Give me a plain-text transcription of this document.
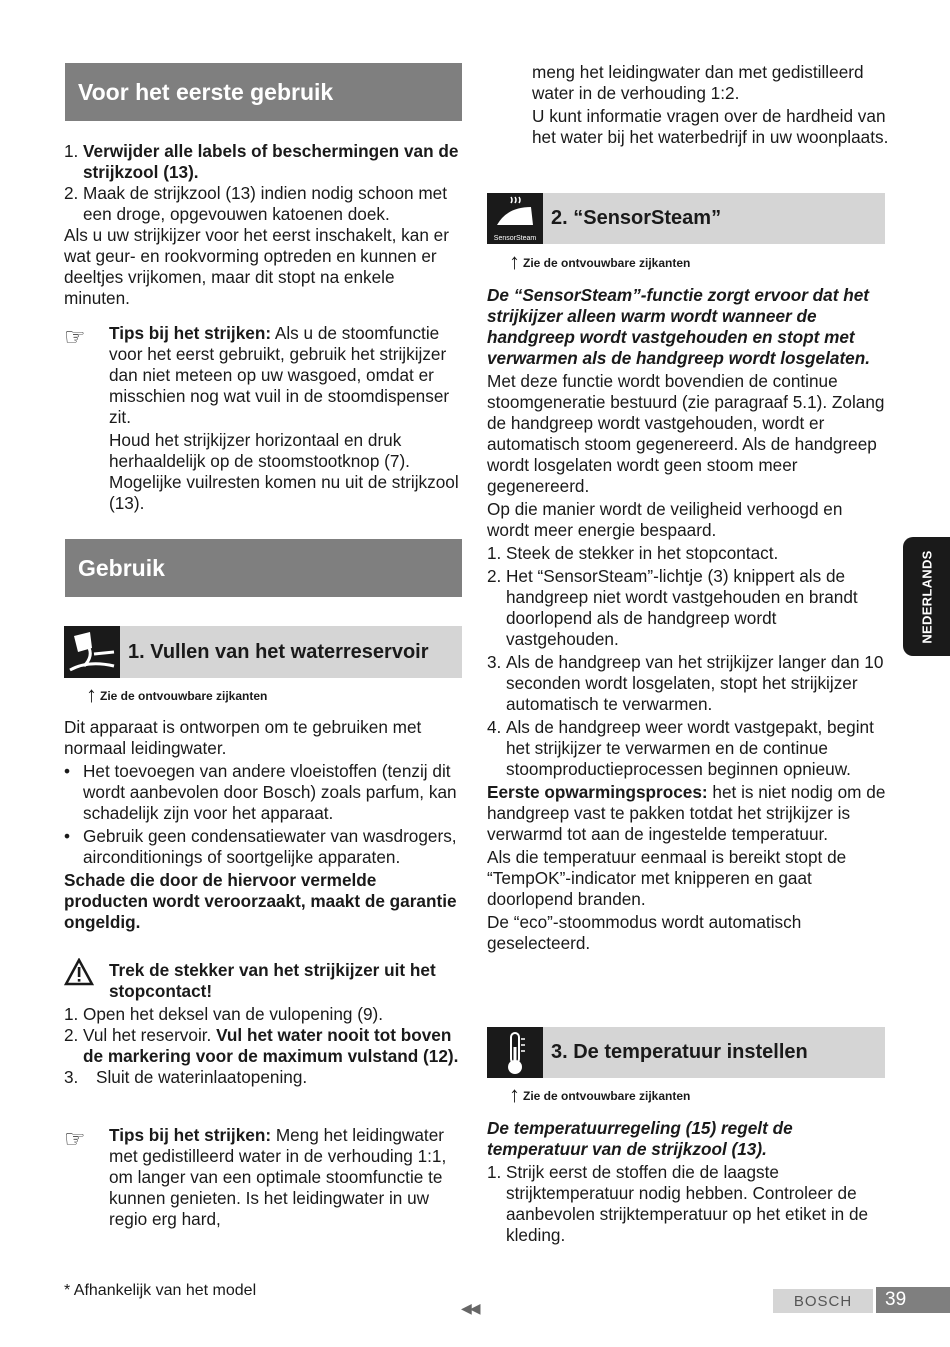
Voor het eerste gebruik

1. Verwijder alle labels of beschermingen van de strijkzool (13).

2. Maak de strijkzool (13) indien nodig schoon met een droge, opgevouwen katoenen doek.

Als u uw strijkijzer voor het eerst inschakelt, kan er wat geur- en rookvorming optreden en kunnen er deeltjes vrijkomen, maar dit stopt na enkele minuten.

☞ Tips bij het strijken: Als u de stoomfunctie voor het eerst gebruikt, gebruik het strijkijzer dan niet meteen op uw wasgoed, omdat er misschien nog wat vuil in de stoomdispenser zit.

Houd het strijkijzer horizontaal en druk herhaaldelijk op de stoomstootknop (7). Mogelijke vuilresten komen nu uit de strijkzool (13).

Gebruik
1. Vullen van het waterreservoir
↑ Zie de ontvouwbare zijkanten

Dit apparaat is ontworpen om te gebruiken met normaal leidingwater.

• Het toevoegen van andere vloeistoffen (tenzij dit wordt aanbevolen door Bosch) zoals parfum, kan schadelijk zijn voor het apparaat.

• Gebruik geen condensatiewater van wasdrogers, airconditionings of soortgelijke apparaten.

Schade die door de hiervoor vermelde producten wordt veroorzaakt, maakt de garantie ongeldig.

Trek de stekker van het strijkijzer uit het stopcontact!

1. Open het deksel van de vulopening (9).

2. Vul het reservoir. Vul het water nooit tot boven de markering voor de maximum vulstand (12).

3.	Sluit de waterinlaatopening.

☞ Tips bij het strijken: Meng het leidingwater met gedistilleerd water in de verhouding 1:1, om langer van een optimale stoomfunctie te kunnen genieten. Is het leidingwater in uw regio erg hard,

meng het leidingwater dan met gedistilleerd water in de verhouding 1:2.

U kunt informatie vragen over de hardheid van het water bij het waterbedrijf in uw woonplaats.

SensorSteam
2. “SensorSteam”
↑ Zie de ontvouwbare zijkanten

De “SensorSteam”-functie zorgt ervoor dat het strijkijzer alleen warm wordt wanneer de handgreep wordt vastgehouden en stopt met verwarmen als de handgreep wordt losgelaten.

Met deze functie wordt bovendien de continue stoomgeneratie bestuurd (zie paragraaf 5.1). Zolang de handgreep wordt vastgehouden, wordt er automatisch stoom gegenereerd. Als de handgreep wordt losgelaten wordt geen stoom meer gegenereerd.

Op die manier wordt de veiligheid verhoogd en wordt meer energie bespaard.

1. Steek de stekker in het stopcontact.

2. Het “SensorSteam”-lichtje (3) knippert als de handgreep niet wordt vastgehouden en brandt doorlopend als de handgreep wordt vastgehouden.

3. Als de handgreep van het strijkijzer langer dan 10 seconden wordt losgelaten, stopt het strijkijzer automatisch te verwarmen.

4. Als de handgreep weer wordt vastgepakt, begint het strijkijzer te verwarmen en de continue stoomproductieprocessen beginnen opnieuw.

Eerste opwarmingsproces: het is niet nodig om de handgreep vast te pakken totdat het strijkijzer is verwarmd tot aan de ingestelde temperatuur.

Als die temperatuur eenmaal is bereikt stopt de “TempOK”-indicator met knipperen en gaat doorlopend branden.

De “eco”-stoommodus wordt automatisch geselecteerd.

3. De temperatuur instellen
↑ Zie de ontvouwbare zijkanten

De temperatuurregeling (15) regelt de temperatuur van de strijkzool (13).

1. Strijk eerst de stoffen die de laagste strijktemperatuur nodig hebben. Controleer de aanbevolen strijktemperatuur op het etiket in de kleding.

NEDERLANDS
* Afhankelijk van het model
◀◀	BOSCH	39
